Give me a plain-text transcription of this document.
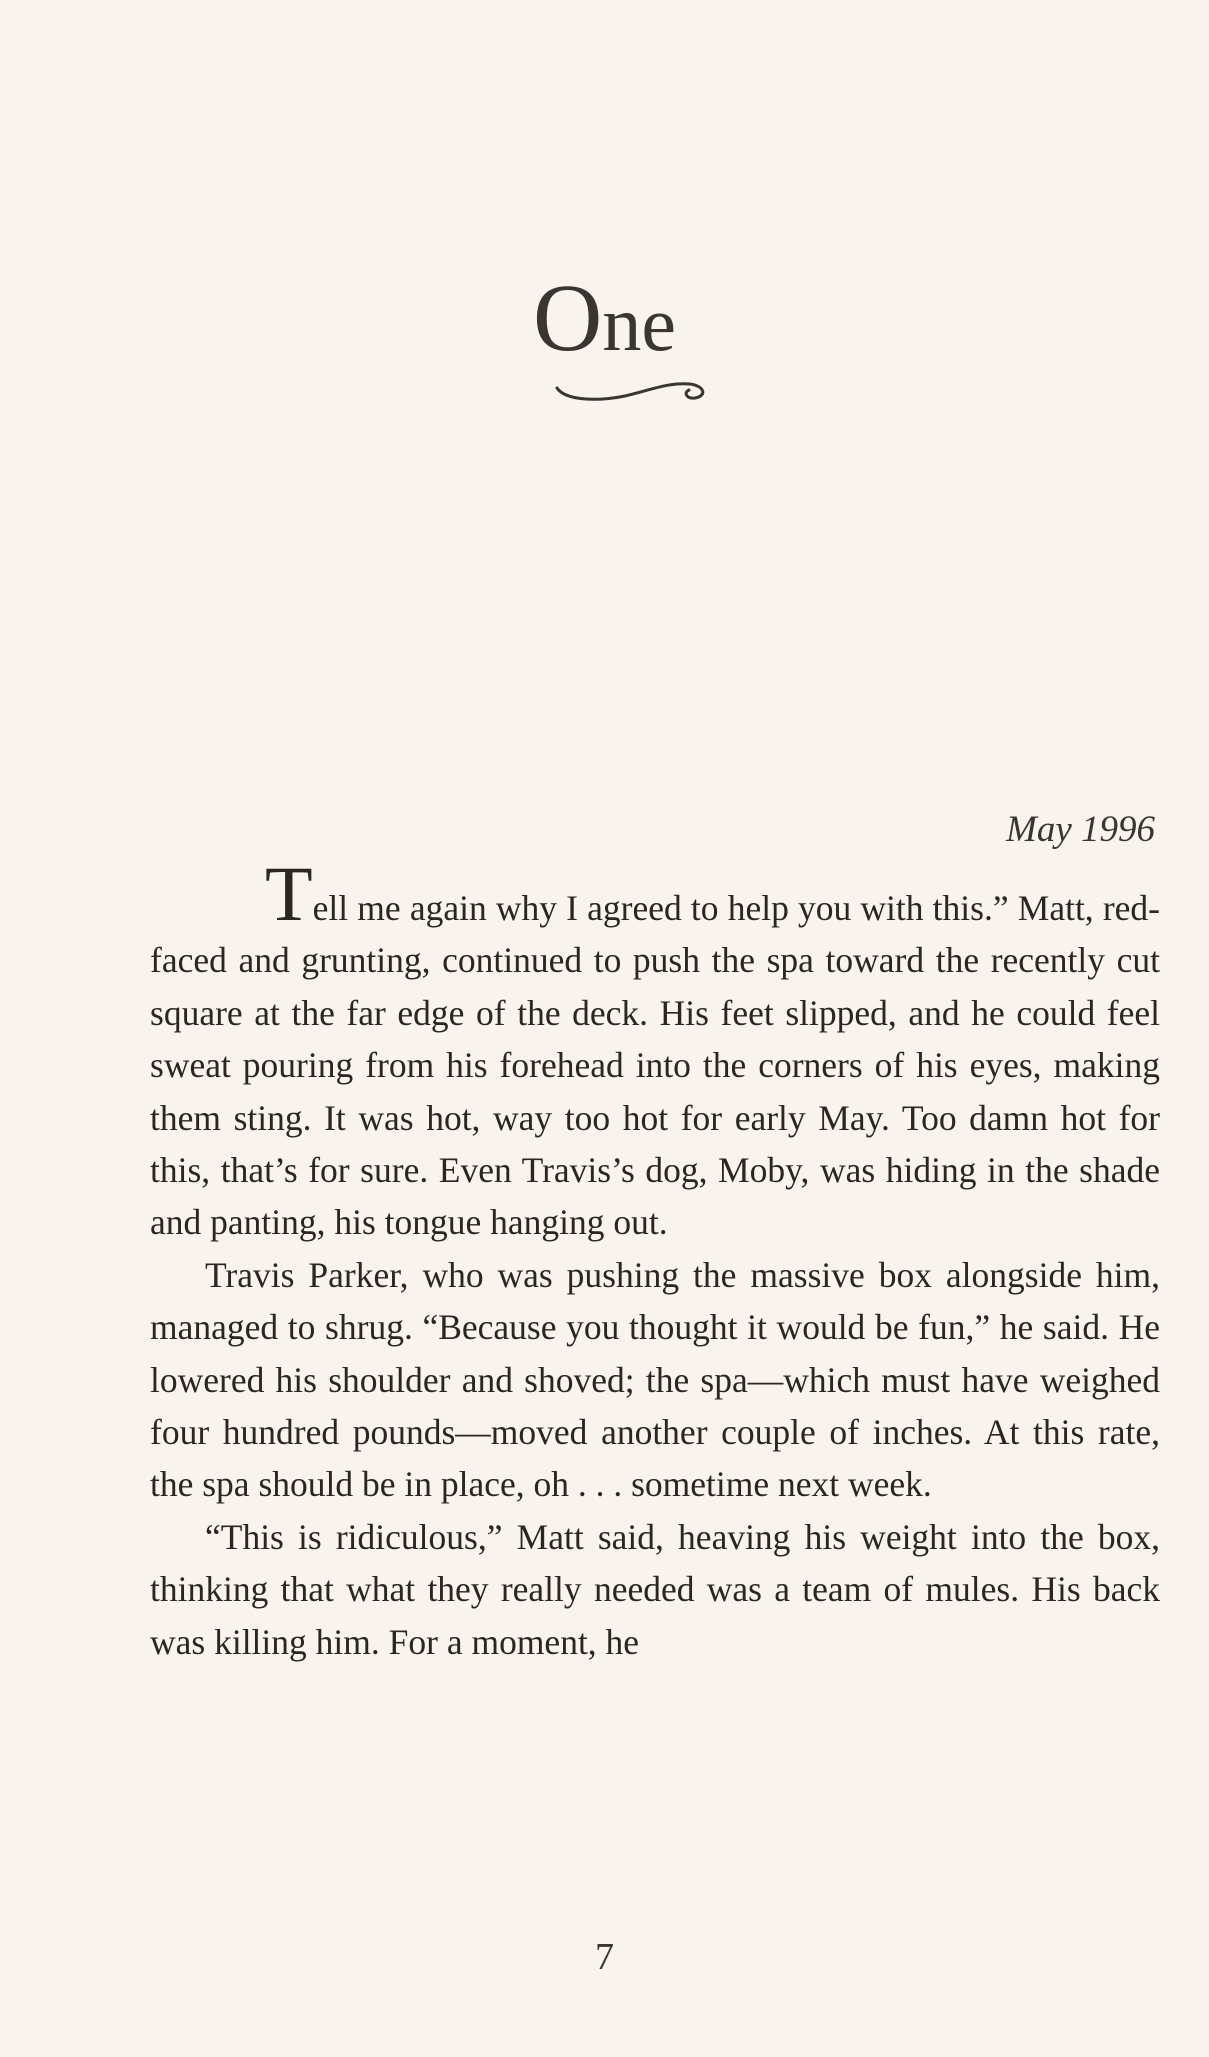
One
May 1996

Tell me again why I agreed to help you with this.” Matt, red-faced and grunting, continued to push the spa toward the recently cut square at the far edge of the deck. His feet slipped, and he could feel sweat pouring from his forehead into the corners of his eyes, making them sting. It was hot, way too hot for early May. Too damn hot for this, that’s for sure. Even Travis’s dog, Moby, was hiding in the shade and panting, his tongue hanging out.

Travis Parker, who was pushing the massive box alongside him, managed to shrug. “Because you thought it would be fun,” he said. He lowered his shoulder and shoved; the spa—which must have weighed four hundred pounds—moved another couple of inches. At this rate, the spa should be in place, oh . . . sometime next week.

“This is ridiculous,” Matt said, heaving his weight into the box, thinking that what they really needed was a team of mules. His back was killing him. For a moment, he

7
